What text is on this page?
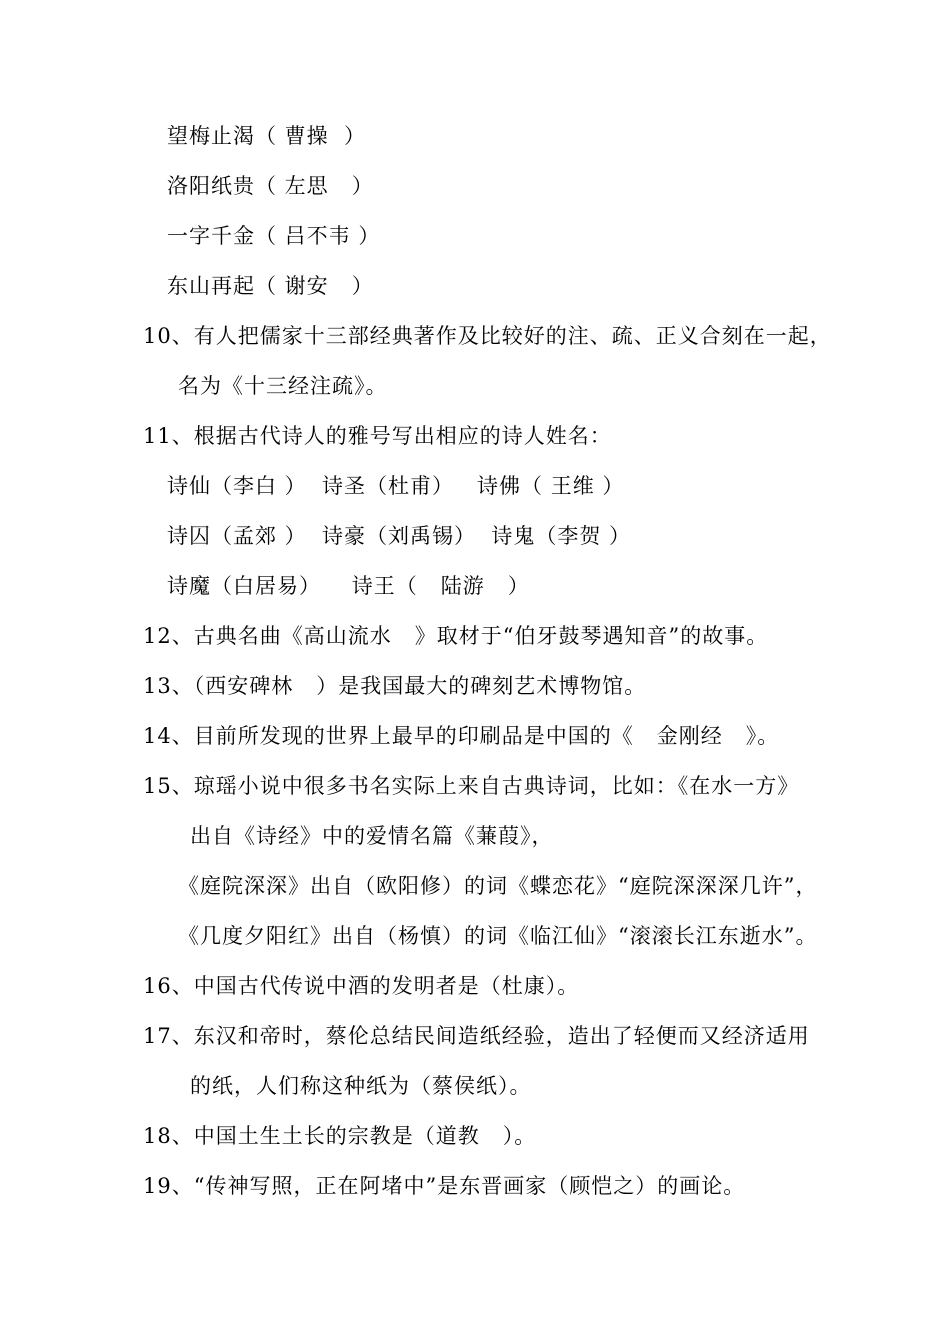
望梅止渴（ 曹操  ）
洛阳纸贵（ 左思   ）
一字千金（ 吕不韦 ）
东山再起（ 谢安   ）
10、有人把儒家十三部经典著作及比较好的注、疏、正义合刻在一起，
名为《十三经注疏》。
11、根据古代诗人的雅号写出相应的诗人姓名：
诗仙（李白 ）  诗圣（杜甫）   诗佛（ 王维 ）
诗囚（孟郊 ）  诗豪（刘禹锡）  诗鬼（李贺 ）
诗魔（白居易）    诗王（   陆游   ）
12、古典名曲《高山流水   》取材于“伯牙鼓琴遇知音”的故事。
13、（西安碑林   ）是我国最大的碑刻艺术博物馆。
14、目前所发现的世界上最早的印刷品是中国的《   金刚经   》。
15、琼瑶小说中很多书名实际上来自古典诗词，比如：《在水一方》
出自《诗经》中的爱情名篇《蒹葭》，
《庭院深深》出自（欧阳修）的词《蝶恋花》“庭院深深深几许”，
《几度夕阳红》出自（杨慎）的词《临江仙》“滚滚长江东逝水”。
16、中国古代传说中酒的发明者是（杜康）。
17、东汉和帝时，蔡伦总结民间造纸经验，造出了轻便而又经济适用
的纸，人们称这种纸为（蔡侯纸）。
18、中国土生土长的宗教是（道教   ）。
19、“传神写照，正在阿堵中”是东晋画家（顾恺之）的画论。
